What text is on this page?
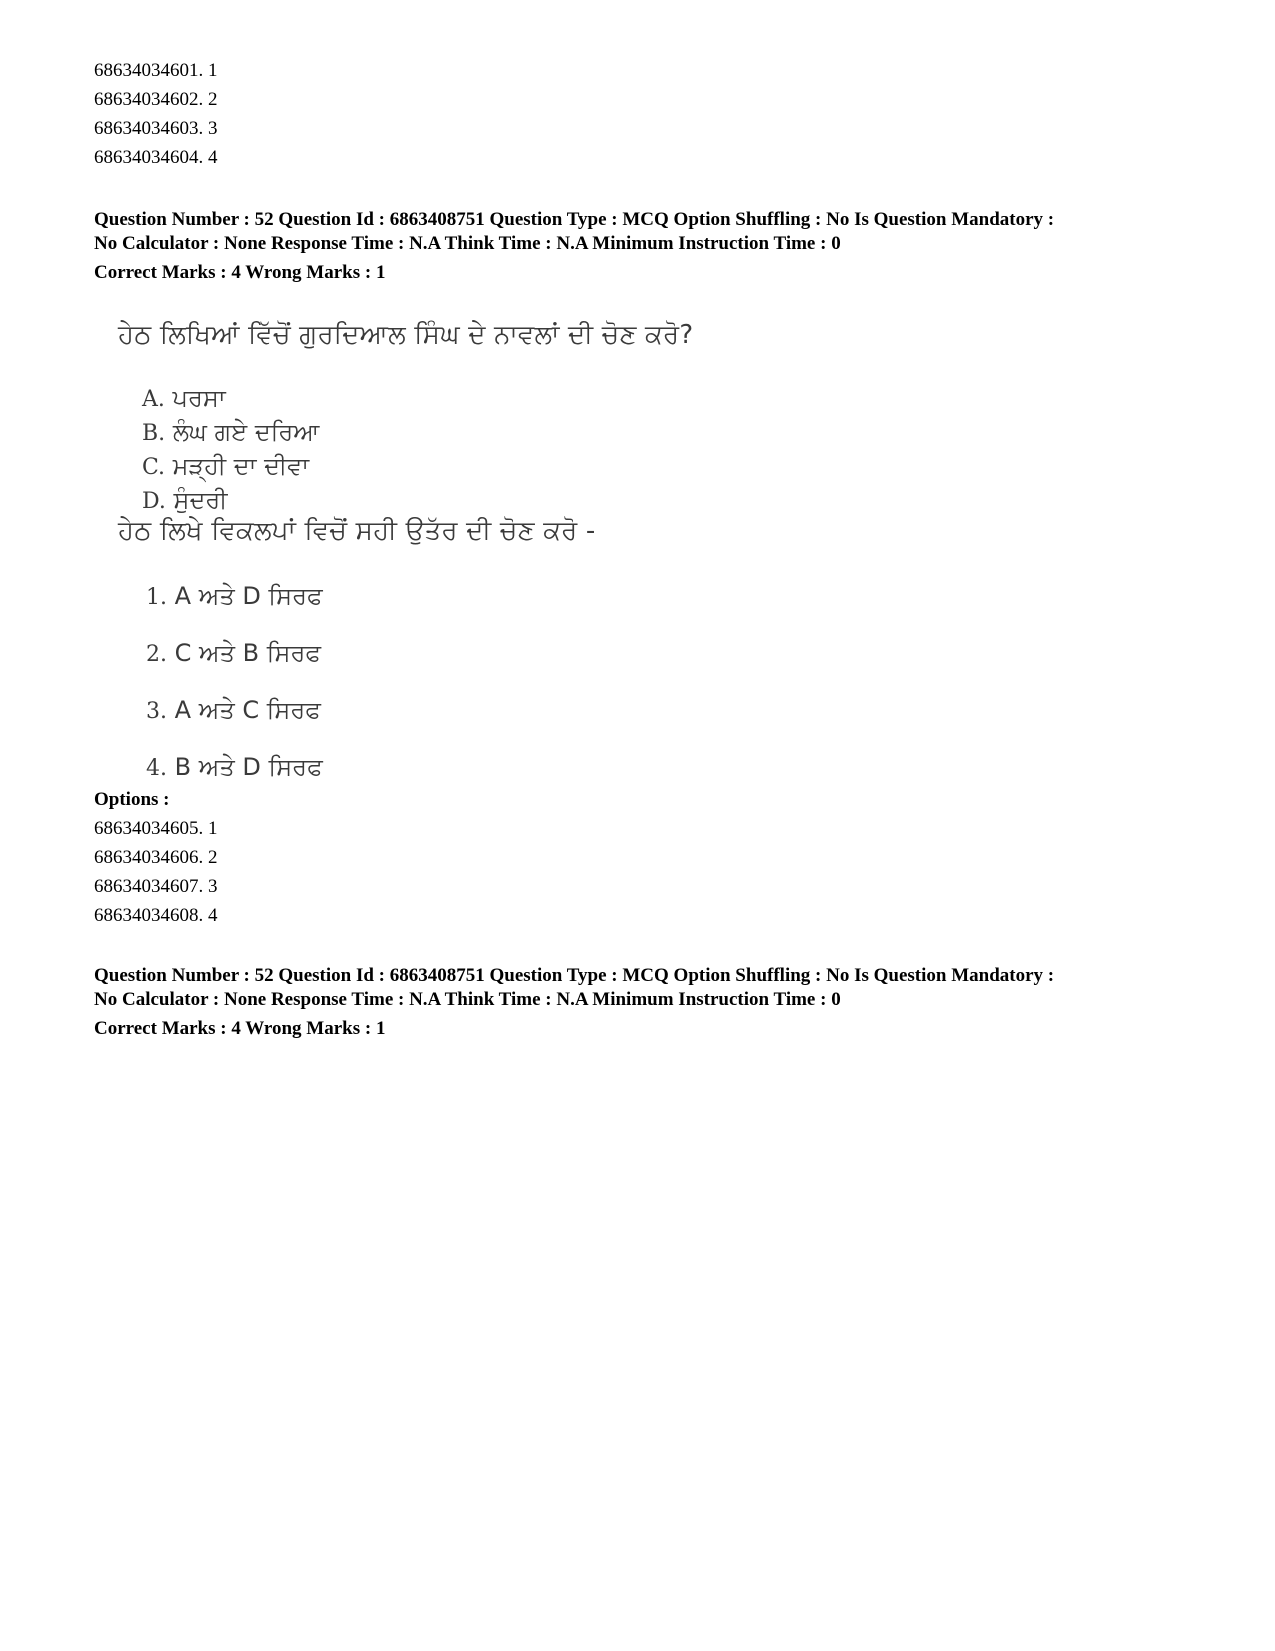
68634034601. 1
68634034602. 2
68634034603. 3
68634034604. 4

Question Number : 52 Question Id : 6863408751 Question Type : MCQ Option Shuffling : No Is Question Mandatory :

No Calculator : None Response Time : N.A Think Time : N.A Minimum Instruction Time : 0

Correct Marks : 4 Wrong Marks : 1

ਹੇਠ ਲਿਖਿਆਂ ਵਿੱਚੋਂ ਗੁਰਦਿਆਲ ਸਿੰਘ ਦੇ ਨਾਵਲਾਂ ਦੀ ਚੋਣ ਕਰੋ?
A. ਪਰਸਾ
B. ਲੰਘ ਗਏ ਦਰਿਆ
C. ਮੜ੍ਹੀ ਦਾ ਦੀਵਾ
D. ਸੁੰਦਰੀ
ਹੇਠ ਲਿਖੇ ਵਿਕਲਪਾਂ ਵਿਚੋਂ ਸਹੀ ਉਤੱਰ ਦੀ ਚੋਣ ਕਰੋ -
1. A ਅਤੇ D ਸਿਰਫ
2. C ਅਤੇ B ਸਿਰਫ
3. A ਅਤੇ C ਸਿਰਫ
4. B ਅਤੇ D ਸਿਰਫ

Options :

68634034605. 1
68634034606. 2
68634034607. 3
68634034608. 4

Question Number : 52 Question Id : 6863408751 Question Type : MCQ Option Shuffling : No Is Question Mandatory :

No Calculator : None Response Time : N.A Think Time : N.A Minimum Instruction Time : 0

Correct Marks : 4 Wrong Marks : 1
